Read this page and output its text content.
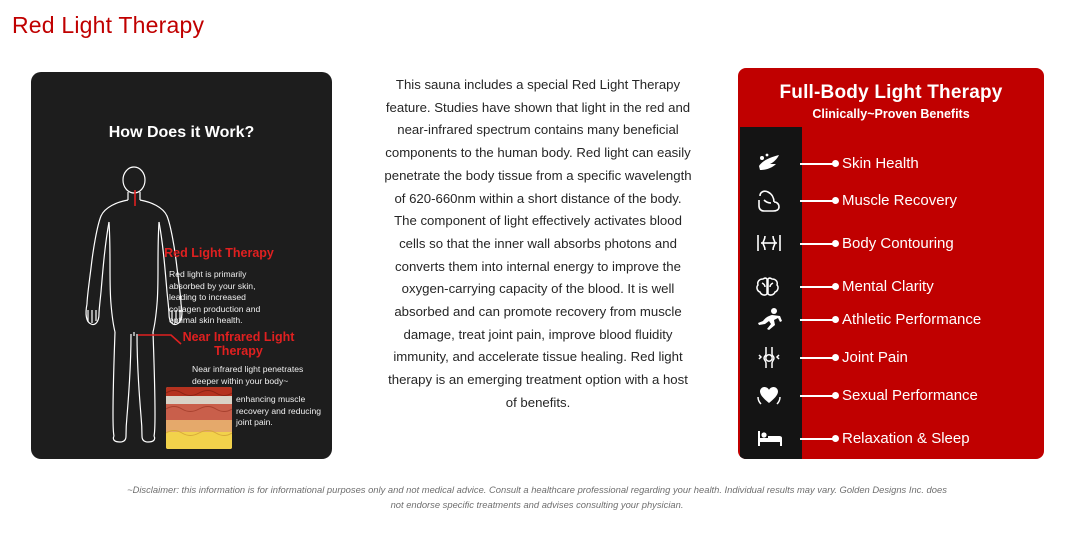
Red Light Therapy
How Does it Work?
Red Light Therapy
Red light is primarily absorbed by your skin, leading to increased collagen production and optimal skin health.
Near Infrared Light Therapy
Near infrared light penetrates deeper within your body~
enhancing muscle recovery and reducing joint pain.
This sauna includes a special Red Light Therapy feature. Studies have shown that light in the red and near-infrared spectrum contains many beneficial components to the human body. Red light can easily penetrate the body tissue from a specific wavelength of 620-660nm within a short distance of the body. The component of light effectively activates blood cells so that the inner wall absorbs photons and converts them into internal energy to improve the oxygen-carrying capacity of the blood. It is well absorbed and can promote recovery from muscle damage, treat joint pain, improve blood fluidity immunity, and accelerate tissue healing. Red light therapy is an emerging treatment option with a host of benefits.
Full-Body Light Therapy
Clinically~Proven Benefits
Skin Health
Muscle Recovery
Body Contouring
Mental Clarity
Athletic Performance
Joint Pain
Sexual Performance
Relaxation & Sleep
~Disclaimer: this information is for informational purposes only and not medical advice. Consult a healthcare professional regarding your health. Individual results may vary. Golden Designs Inc. does not endorse specific treatments and advises consulting your physician.
